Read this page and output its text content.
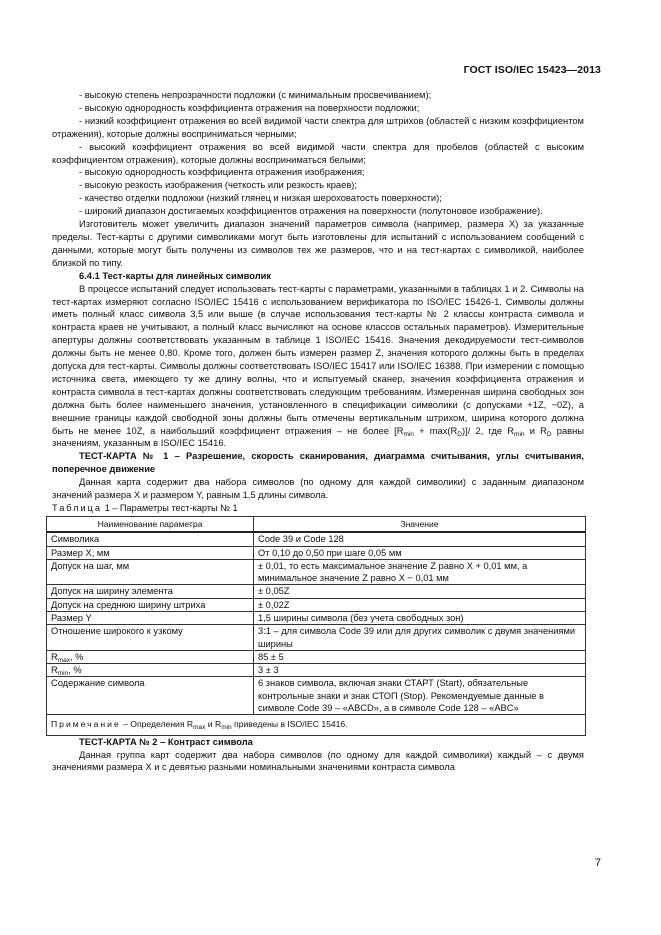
ГОСТ ISO/IEC 15423—2013

- высокую степень непрозрачности подложки (с минимальным просвечиванием);

- высокую однородность коэффициента отражения на поверхности подложки;

- низкий коэффициент отражения во всей видимой части спектра для штрихов (областей с низким коэффициентом отражения), которые должны восприниматься черными;

- высокий коэффициент отражения во всей видимой части спектра для пробелов (областей с высоким коэффициентом отражения), которые должны восприниматься белыми;

- высокую однородность коэффициента отражения изображения;

- высокую резкость изображения (четкость или резкость краев);

- качество отделки подложки (низкий глянец и низкая шероховатость поверхности);

- широкий диапазон достигаемых коэффициентов отражения на поверхности (полутоновое изображение).

Изготовитель может увеличить диапазон значений параметров символа (например, размера X) за указанные пределы. Тест-карты с другими символиками могут быть изготовлены для испытаний с использованием сообщений с данными, которые могут быть получены из символов тех же размеров, что и на тест-картах с символикой, наиболее близкой по типу.

6.4.1 Тест-карты для линейных символик

В процессе испытаний следует использовать тест-карты с параметрами, указанными в таблицах 1 и 2. Символы на тест-картах измеряют согласно ISO/IEC 15416 с использованием верификатора по ISO/IEC 15426-1. Символы должны иметь полный класс символа 3,5 или выше (в случае использования тест-карты № 2 классы контраста символа и контраста краев не учитывают, а полный класс вычисляют на основе классов остальных параметров). Измерительные апертуры должны соответствовать указанным в таблице 1 ISO/IEC 15416. Значения декодируемости тест-символов должны быть не менее 0,80. Кроме того, должен быть измерен размер Z, значения которого должны быть в пределах допуска для тест-карты. Символы должны соответствовать ISO/IEC 15417 или ISO/IEC 16388. При измерении с помощью источника света, имеющего ту же длину волны, что и испытуемый сканер, значения коэффициента отражения и контраста символа в тест-картах должны соответствовать следующим требованиям. Измеренная ширина свободных зон должна быть более наименьшего значения, установленного в спецификации символики (с допусками +1Z, −0Z), а внешние границы каждой свободной зоны должны быть отмечены вертикальным штрихом, ширина которого должна быть не менее 10Z, а наибольший коэффициент отражения – не более $[R_{min} + \max(R_D)]/$ 2, где $R_{min}$ и $R_D$ равны значениям, указанным в ISO/IEC 15416.

ТЕСТ-КАРТА № 1 – Разрешение, скорость сканирования, диаграмма считывания, углы считывания, поперечное движение

Данная карта содержит два набора символов (по одному для каждой символики) с заданным диапазоном значений размера X и размером Y, равным 1,5 длины символа.

Таблица 1 – Параметры тест-карты № 1

Наименование параметра	Значение
Символика	Code 39 и Code 128
Размер X, мм	От 0,10 до 0,50 при шаге 0,05 мм
Допуск на шаг, мм	± 0,01, то есть максимальное значение Z равно X + 0,01 мм, а минимальное значение Z равно X − 0,01 мм
Допуск на ширину элемента	± 0,05Z
Допуск на среднюю ширину штриха	± 0,02Z
Размер Y	1,5 ширины символа (без учета свободных зон)
Отношение широкого к узкому	3:1 – для символа Code 39 или для других символик с двумя значениями ширины
$R_{max}$, %	85 ± 5
$R_{min}$, %	3 ± 3
Содержание символа	6 знаков символа, включая знаки СТАРТ (Start), обязательные контрольные знаки и знак СТОП (Stop). Рекомендуемые данные в символе Code 39 – «ABCD», а в символе Code 128 – «ABC»
Примечание – Определения $R_{max}$ и $R_{min}$ приведены в ISO/IEC 15416.	

ТЕСТ-КАРТА № 2 – Контраст символа

Данная группа карт содержит два набора символов (по одному для каждой символики) каждый – с двумя значениями размера X и с девятью разными номинальными значениями контраста символа

7
